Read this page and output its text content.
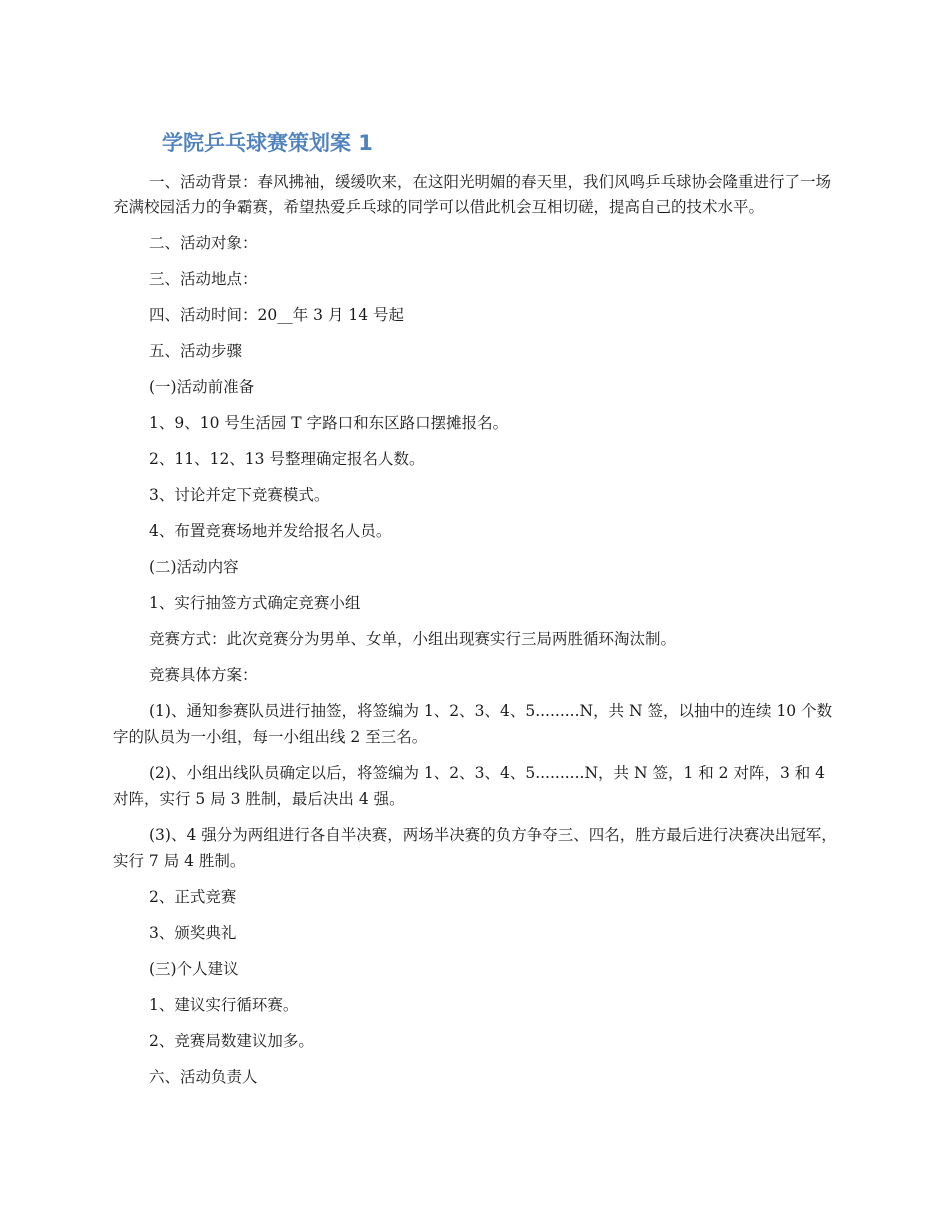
学院乒乓球赛策划案 1

一、活动背景：春风拂袖，缓缓吹来，在这阳光明媚的春天里，我们风鸣乒乓球协会隆重进行了一场充满校园活力的争霸赛，希望热爱乒乓球的同学可以借此机会互相切磋，提高自己的技术水平。

二、活动对象：

三、活动地点：

四、活动时间：20__年 3 月 14 号起

五、活动步骤

(一)活动前准备

1、9、10 号生活园 T 字路口和东区路口摆摊报名。

2、11、12、13 号整理确定报名人数。

3、讨论并定下竞赛模式。

4、布置竞赛场地并发给报名人员。

(二)活动内容

1、实行抽签方式确定竞赛小组

竞赛方式：此次竞赛分为男单、女单，小组出现赛实行三局两胜循环淘汰制。

竞赛具体方案：

(1)、通知参赛队员进行抽签，将签编为 1、2、3、4、5.........N，共 N 签，以抽中的连续 10 个数字的队员为一小组，每一小组出线 2 至三名。

(2)、小组出线队员确定以后，将签编为 1、2、3、4、5..........N，共 N 签，1 和 2 对阵，3 和 4 对阵，实行 5 局 3 胜制，最后决出 4 强。

(3)、4 强分为两组进行各自半决赛，两场半决赛的负方争夺三、四名，胜方最后进行决赛决出冠军，实行 7 局 4 胜制。

2、正式竞赛

3、颁奖典礼

(三)个人建议

1、建议实行循环赛。

2、竞赛局数建议加多。

六、活动负责人
